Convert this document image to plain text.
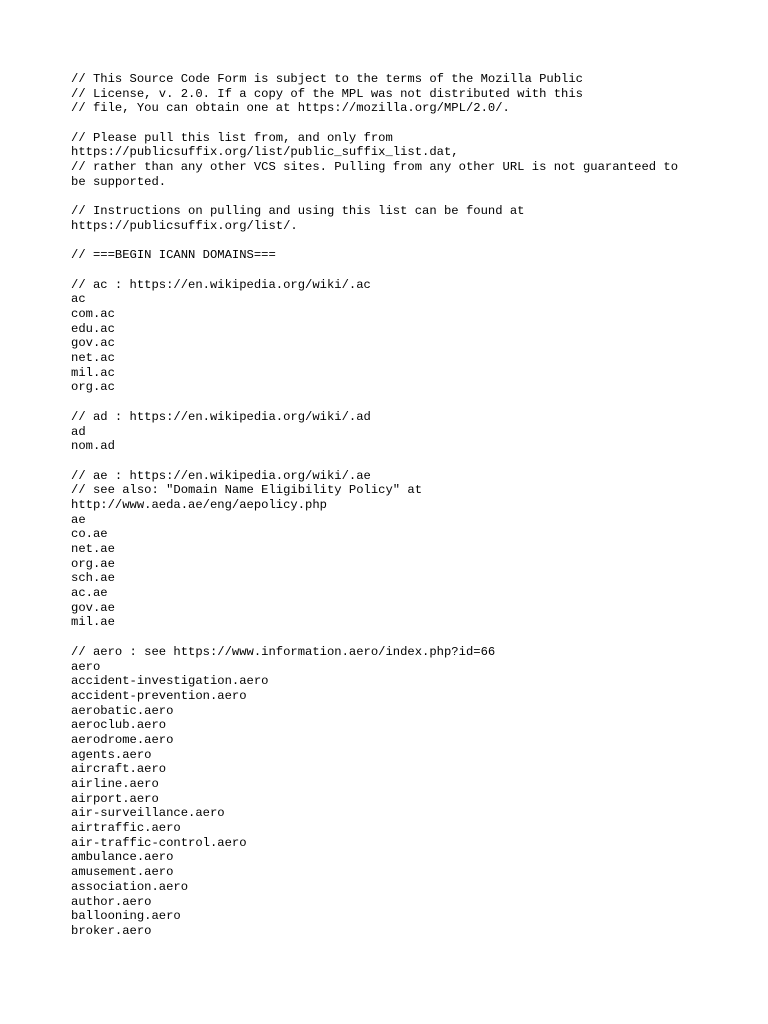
// This Source Code Form is subject to the terms of the Mozilla Public
// License, v. 2.0. If a copy of the MPL was not distributed with this
// file, You can obtain one at https://mozilla.org/MPL/2.0/.
// Please pull this list from, and only from
https://publicsuffix.org/list/public_suffix_list.dat,
// rather than any other VCS sites. Pulling from any other URL is not guaranteed to
be supported.
// Instructions on pulling and using this list can be found at
https://publicsuffix.org/list/.
// ===BEGIN ICANN DOMAINS===
// ac : https://en.wikipedia.org/wiki/.ac
ac
com.ac
edu.ac
gov.ac
net.ac
mil.ac
org.ac
// ad : https://en.wikipedia.org/wiki/.ad
ad
nom.ad
// ae : https://en.wikipedia.org/wiki/.ae
// see also: "Domain Name Eligibility Policy" at
http://www.aeda.ae/eng/aepolicy.php
ae
co.ae
net.ae
org.ae
sch.ae
ac.ae
gov.ae
mil.ae
// aero : see https://www.information.aero/index.php?id=66
aero
accident-investigation.aero
accident-prevention.aero
aerobatic.aero
aeroclub.aero
aerodrome.aero
agents.aero
aircraft.aero
airline.aero
airport.aero
air-surveillance.aero
airtraffic.aero
air-traffic-control.aero
ambulance.aero
amusement.aero
association.aero
author.aero
ballooning.aero
broker.aero
